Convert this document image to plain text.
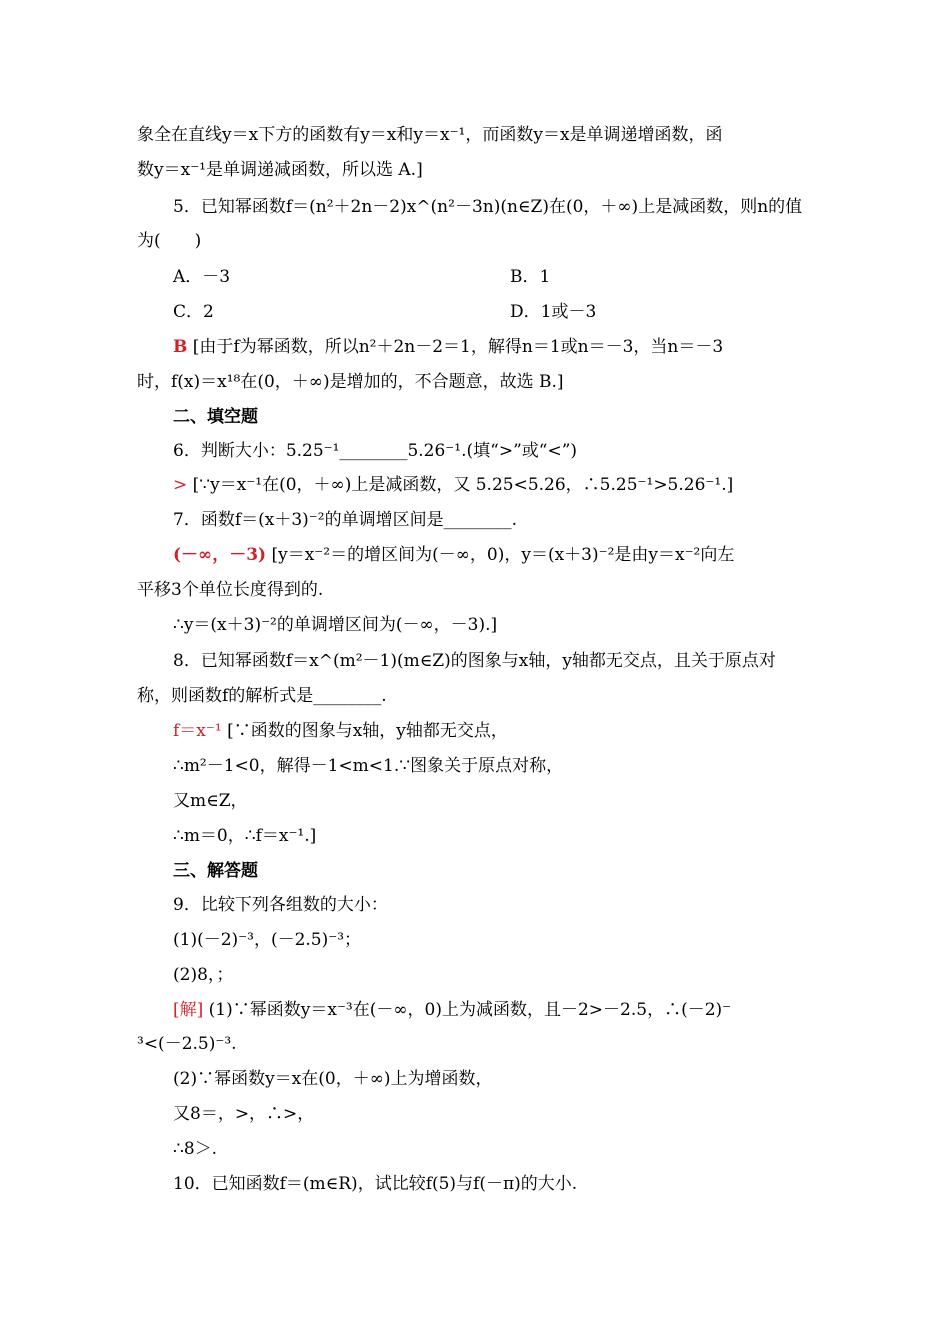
象全在直线y＝x下方的函数有y＝x和y＝x⁻¹，而函数y＝x是单调递增函数，函
数y＝x⁻¹是单调递减函数，所以选 A.]
5．已知幂函数f＝(n²＋2n－2)x^(n²－3n)(n∈Z)在(0，＋∞)上是减函数，则n的值
为(　　)
A．－3	B．1
C．2	D．1或－3
B [由于f为幂函数，所以n²＋2n－2＝1，解得n＝1或n＝－3，当n＝－3
时，f(x)＝x¹⁸在(0，＋∞)是增加的，不合题意，故选 B.]
二、填空题
6．判断大小：5.25⁻¹________5.26⁻¹.(填“>”或“<”)
> [∵y＝x⁻¹在(0，＋∞)上是减函数，又 5.25<5.26，∴5.25⁻¹>5.26⁻¹.]
7．函数f＝(x＋3)⁻²的单调增区间是________.
(－∞，－3) [y＝x⁻²＝的增区间为(－∞，0)，y＝(x＋3)⁻²是由y＝x⁻²向左
平移3个单位长度得到的.
∴y＝(x＋3)⁻²的单调增区间为(－∞，－3).]
8．已知幂函数f＝x^(m²－1)(m∈Z)的图象与x轴，y轴都无交点，且关于原点对
称，则函数f的解析式是________.
f＝x⁻¹ [∵函数的图象与x轴，y轴都无交点，
∴m²－1<0，解得－1<m<1.∵图象关于原点对称，
又m∈Z，
∴m＝0，∴f＝x⁻¹.]
三、解答题
9．比较下列各组数的大小：
(1)(－2)⁻³，(－2.5)⁻³；
(2)8，；
[解] (1)∵幂函数y＝x⁻³在(－∞，0)上为减函数，且－2>－2.5，∴(－2)⁻
³<(－2.5)⁻³.
(2)∵幂函数y＝x在(0，＋∞)上为增函数，
又8＝，>，∴>，
∴8＞.
10．已知函数f＝(m∈R)，试比较f(5)与f(－π)的大小.
